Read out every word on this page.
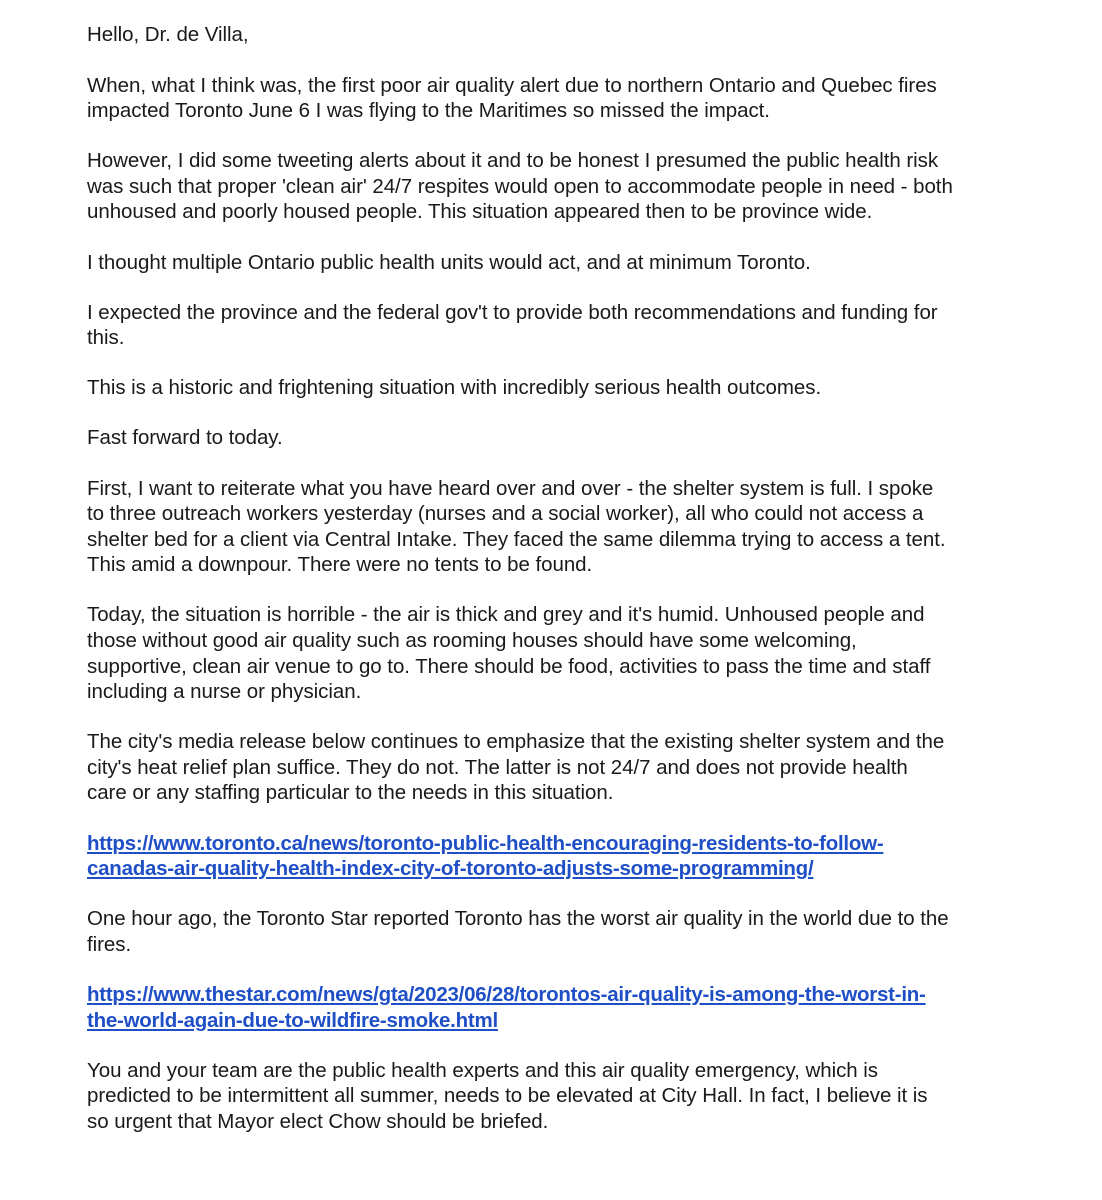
Hello, Dr. de Villa,

When, what I think was, the first poor air quality alert due to northern Ontario and Quebec fires
impacted Toronto June 6 I was flying to the Maritimes so missed the impact.

However, I did some tweeting alerts about it and to be honest I presumed the public health risk
was such that proper 'clean air' 24/7 respites would open to accommodate people in need - both
unhoused and poorly housed people. This situation appeared then to be province wide.

I thought multiple Ontario public health units would act, and at minimum Toronto.

I expected the province and the federal gov't to provide both recommendations and funding for
this.

This is a historic and frightening situation with incredibly serious health outcomes.

Fast forward to today.

First, I want to reiterate what you have heard over and over - the shelter system is full. I spoke
to three outreach workers yesterday (nurses and a social worker), all who could not access a
shelter bed for a client via Central Intake. They faced the same dilemma trying to access a tent.
This amid a downpour. There were no tents to be found.

Today, the situation is horrible - the air is thick and grey and it's humid. Unhoused people and
those without good air quality such as rooming houses should have some welcoming,
supportive, clean air venue to go to. There should be food, activities to pass the time and staff
including a nurse or physician.

The city's media release below continues to emphasize that the existing shelter system and the
city's heat relief plan suffice. They do not. The latter is not 24/7 and does not provide health
care or any staffing particular to the needs in this situation.

https://www.toronto.ca/news/toronto-public-health-encouraging-residents-to-follow-
canadas-air-quality-health-index-city-of-toronto-adjusts-some-programming/

One hour ago, the Toronto Star reported Toronto has the worst air quality in the world due to the
fires.

https://www.thestar.com/news/gta/2023/06/28/torontos-air-quality-is-among-the-worst-in-
the-world-again-due-to-wildfire-smoke.html

You and your team are the public health experts and this air quality emergency, which is
predicted to be intermittent all summer, needs to be elevated at City Hall. In fact, I believe it is
so urgent that Mayor elect Chow should be briefed.
